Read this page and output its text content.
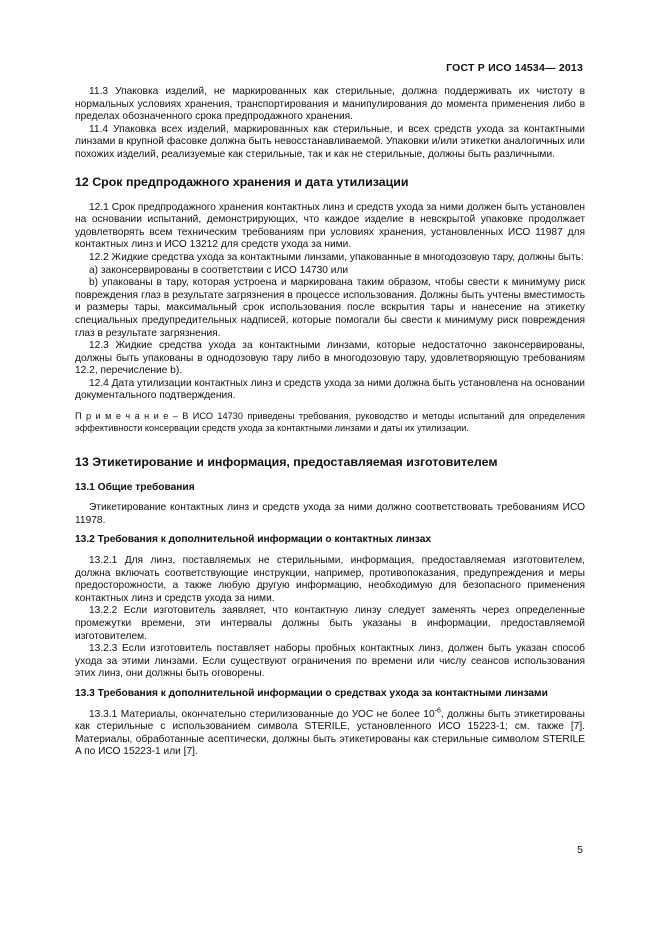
ГОСТ Р ИСО 14534— 2013

11.3 Упаковка изделий, не маркированных как стерильные, должна поддерживать их чистоту в нормальных условиях хранения, транспортирования и манипулирования до момента применения либо в пределах обозначенного срока предпродажного хранения.

11.4 Упаковка всех изделий, маркированных как стерильные, и всех средств ухода за контактными линзами в крупной фасовке должна быть невосстанавливаемой. Упаковки и/или этикетки аналогичных или похожих изделий, реализуемые как стерильные, так и как не стерильные, должны быть различными.

12 Срок предпродажного хранения и дата утилизации

12.1 Срок предпродажного хранения контактных линз и средств ухода за ними должен быть установлен на основании испытаний, демонстрирующих, что каждое изделие в невскрытой упаковке продолжает удовлетворять всем техническим требованиям при условиях хранения, установленных ИСО 11987 для контактных линз и ИСО 13212 для средств ухода за ними.

12.2 Жидкие средства ухода за контактными линзами, упакованные в многодозовую тару, должны быть:

a) законсервированы в соответствии с ИСО 14730 или

b) упакованы в тару, которая устроена и маркирована таким образом, чтобы свести к минимуму риск повреждения глаз в результате загрязнения в процессе использования. Должны быть учтены вместимость и размеры тары, максимальный срок использования после вскрытия тары и нанесение на этикетку специальных предупредительных надписей, которые помогали бы свести к минимуму риск повреждения глаз в результате загрязнения.

12.3 Жидкие средства ухода за контактными линзами, которые недостаточно законсервированы, должны быть упакованы в однодозовую тару либо в многодозовую тару, удовлетворяющую требованиям 12.2, перечисление b).

12.4 Дата утилизации контактных линз и средств ухода за ними должна быть установлена на основании документального подтверждения.

П р и м е ч а н и е – В ИСО 14730 приведены требования, руководство и методы испытаний для определения эффективности консервации средств ухода за контактными линзами и даты их утилизации.

13 Этикетирование и информация, предоставляемая изготовителем
13.1 Общие требования

Этикетирование контактных линз и средств ухода за ними должно соответствовать требованиям ИСО 11978.

13.2 Требования к дополнительной информации о контактных линзах

13.2.1 Для линз, поставляемых не стерильными, информация, предоставляемая изготовителем, должна включать соответствующие инструкции, например, противопоказания, предупреждения и меры предосторожности, а также любую другую информацию, необходимую для безопасного применения контактных линз и средств ухода за ними.

13.2.2 Если изготовитель заявляет, что контактную линзу следует заменять через определенные промежутки времени, эти интервалы должны быть указаны в информации, предоставляемой изготовителем.

13.2.3 Если изготовитель поставляет наборы пробных контактных линз, должен быть указан способ ухода за этими линзами. Если существуют ограничения по времени или числу сеансов использования этих линз, они должны быть оговорены.

13.3 Требования к дополнительной информации о средствах ухода за контактными линзами

13.3.1 Материалы, окончательно стерилизованные до УОС не более $10^{-6}$, должны быть этикетированы как стерильные с использованием символа STERILE, установленного ИСО 15223-1; см. также [7]. Материалы, обработанные асептически, должны быть этикетированы как стерильные символом STERILE A по ИСО 15223-1 или [7].

5
